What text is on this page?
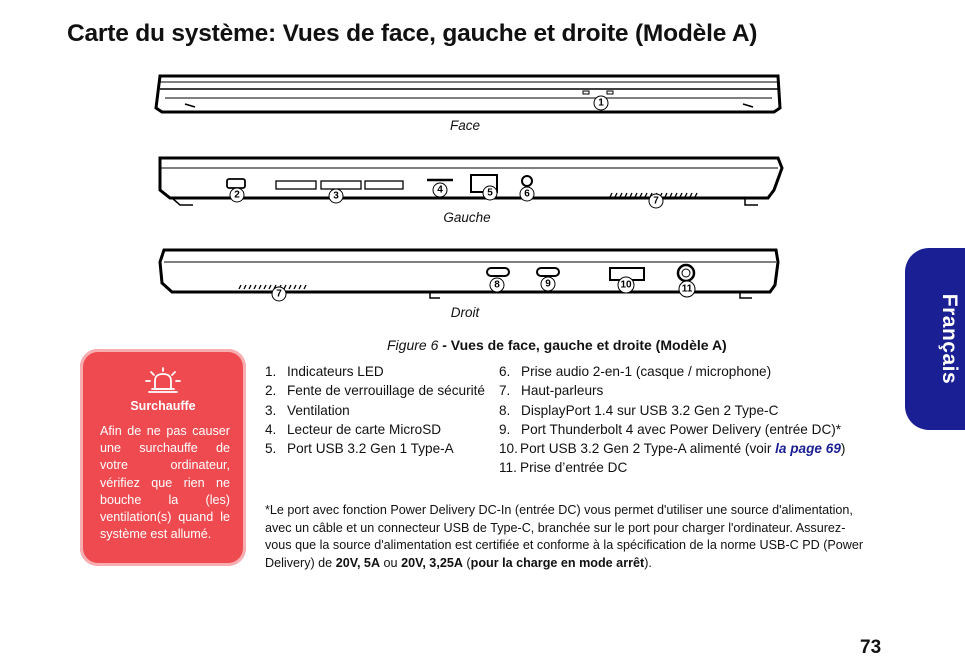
Carte du système: Vues de face, gauche et droite (Modèle A)
Français
1
2	3
4	5	6
7
7
8	9	10	11
Face
Gauche
Droit
Figure 6 - Vues de face, gauche et droite (Modèle A)
Surchauffe
Afin de ne pas causer une surchauffe de votre ordinateur, vérifiez que rien ne bouche la (les) ventilation(s) quand le système est allumé.
1. Indicateurs LED
2. Fente de verrouillage de sécurité
3. Ventilation
4. Lecteur de carte MicroSD
5. Port USB 3.2 Gen 1 Type-A
6. Prise audio 2-en-1 (casque / microphone)
7. Haut-parleurs
8. DisplayPort 1.4 sur USB 3.2 Gen 2 Type-C
9. Port Thunderbolt 4 avec Power Delivery (entrée DC)*
10. Port USB 3.2 Gen 2 Type-A alimenté (voir la page 69)
11. Prise d’entrée DC
*Le port avec fonction Power Delivery DC-In (entrée DC) vous permet d'utiliser une source d'alimentation, avec un câble et un connecteur USB de Type-C, branchée sur le port pour charger l'ordinateur. Assurez-vous que la source d'alimentation est certifiée et conforme à la spécification de la norme USB-C PD (Power Delivery) de 20V, 5A ou 20V, 3,25A (pour la charge en mode arrêt).
73
